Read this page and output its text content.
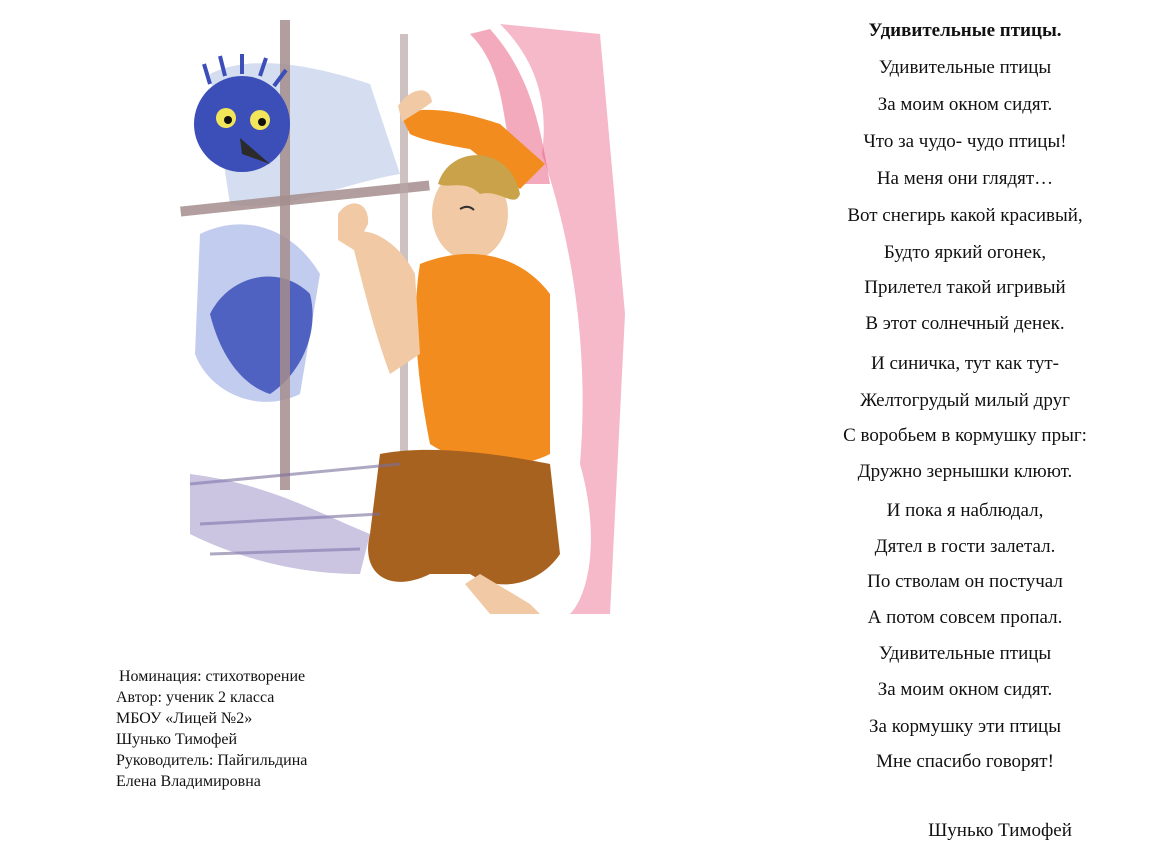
Номинация: стихотворение
Автор: ученик 2 класса
МБОУ «Лицей №2»
Шунько Тимофей
Руководитель: Пайгильдина
Елена Владимировна
Удивительные птицы.
Удивительные птицы
За моим окном сидят.
Что за чудо- чудо птицы!
На меня они глядят…
Вот снегирь какой красивый,
Будто яркий огонек,
Прилетел такой игривый
В этот солнечный денек.
И синичка, тут как тут-
Желтогрудый милый друг
С воробьем в кормушку прыг:
Дружно зернышки клюют.
И пока я наблюдал,
Дятел в гости залетал.
По стволам он постучал
А потом совсем пропал.
Удивительные птицы
За моим окном сидят.
За кормушку эти птицы
Мне спасибо говорят!
Шунько Тимофей
